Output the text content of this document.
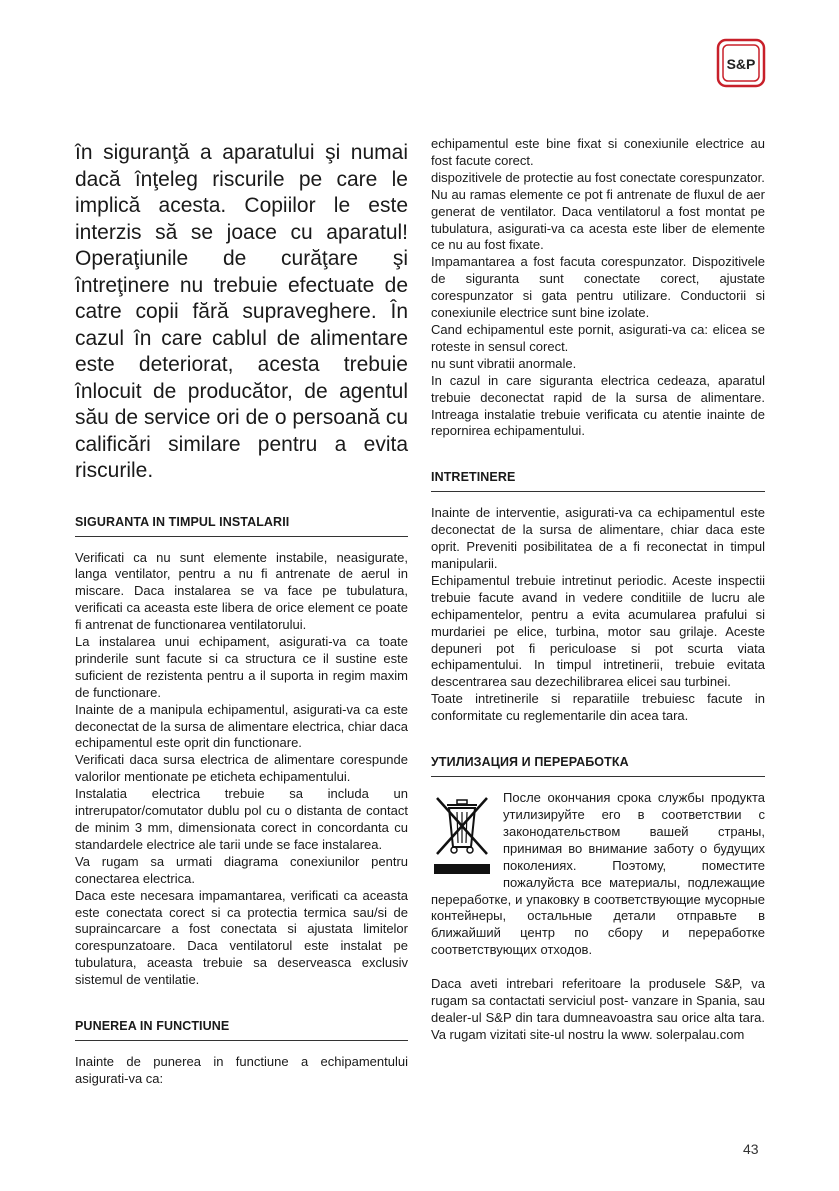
S&P

în siguranţă a aparatului şi numai dacă înţeleg riscurile pe care le implică acesta. Copiilor le este interzis să se joace cu aparatul! Operaţiunile de curăţare şi întreţinere nu trebuie efectuate de catre copii fără supraveghere. În cazul în care cablul de alimentare este deteriorat, acesta trebuie înlocuit de producător, de agentul său de service ori de o persoană cu calificări similare pentru a evita riscurile.

SIGURANTA IN TIMPUL INSTALARII

Verificati ca nu sunt elemente instabile, neasigurate, langa ventilator, pentru a nu fi antrenate de aerul in miscare. Daca instalarea se va face pe tubulatura, verificati ca aceasta este libera de orice element ce poate fi antrenat de functionarea ventilatorului.

La instalarea unui echipament, asigurati-va ca toate prinderile sunt facute si ca structura ce il sustine este suficient de rezistenta pentru a il suporta in regim maxim de functionare.

Inainte de a manipula echipamentul, asigurati-va ca este deconectat de la sursa de alimentare electrica, chiar daca echipamentul este oprit din functionare.

Verificati daca sursa electrica de alimentare corespunde valorilor mentionate pe eticheta echipamentului.

Instalatia electrica trebuie sa includa un intrerupator/comutator dublu pol cu o distanta de contact de minim 3 mm, dimensionata corect in concordanta cu standardele electrice ale tarii unde se face instalarea.

Va rugam sa urmati diagrama conexiunilor pentru conectarea electrica.

Daca este necesara impamantarea, verificati ca aceasta este conectata corect si ca protectia termica sau/si de supraincarcare a fost conectata si ajustata limitelor corespunzatoare. Daca ventilatorul este instalat pe tubulatura, aceasta trebuie sa deserveasca exclusiv sistemul de ventilatie.

PUNEREA IN FUNCTIUNE

Inainte de punerea in functiune a echipamentului asigurati-va ca:

echipamentul este bine fixat si conexiunile electrice au fost facute corect.

dispozitivele de protectie au fost conectate corespunzator.

Nu au ramas elemente ce pot fi antrenate de fluxul de aer generat de ventilator. Daca ventilatorul a fost montat pe tubulatura, asigurati-va ca acesta este liber de elemente ce nu au fost fixate.

Impamantarea a fost facuta corespunzator. Dispozitivele de siguranta sunt conectate corect, ajustate corespunzator si gata pentru utilizare. Conductorii si conexiunile electrice sunt bine izolate.

Cand echipamentul este pornit, asigurati-va ca: elicea se roteste in sensul corect.

nu sunt vibratii anormale.

In cazul in care siguranta electrica cedeaza, aparatul trebuie deconectat rapid de la sursa de alimentare. Intreaga instalatie trebuie verificata cu atentie inainte de repornirea echipamentului.

INTRETINERE

Inainte de interventie, asigurati-va ca echipamentul este deconectat de la sursa de alimentare, chiar daca este oprit. Preveniti posibilitatea de a fi reconectat in timpul manipularii.

Echipamentul trebuie intretinut periodic. Aceste inspectii trebuie facute avand in vedere conditiile de lucru ale echipamentelor, pentru a evita acumularea prafului si murdariei pe elice, turbina, motor sau grilaje. Aceste depuneri pot fi periculoase si pot scurta viata echipamentului. In timpul intretinerii, trebuie evitata descentrarea sau dezechilibrarea elicei sau turbinei.

Toate intretinerile si reparatiile trebuiesc facute in conformitate cu reglementarile din acea tara.

УТИЛИЗАЦИЯ И ПЕРЕРАБОТКА

После окончания срока службы продукта утилизируйте его в соответствии с законодательством вашей страны, принимая во внимание заботу о будущих поколениях. Поэтому, поместите пожалуйста все материалы, подлежащие переработке, и упаковку в соответствующие мусорные контейнеры, остальные детали отправьте в ближайший центр по сбору и переработке соответствующих отходов.

Daca aveti intrebari referitoare la produsele S&P, va rugam sa contactati serviciul post- vanzare in Spania, sau dealer-ul S&P din tara dumneavoastra sau orice alta tara. Va rugam vizitati site-ul nostru la www. solerpalau.com

43
